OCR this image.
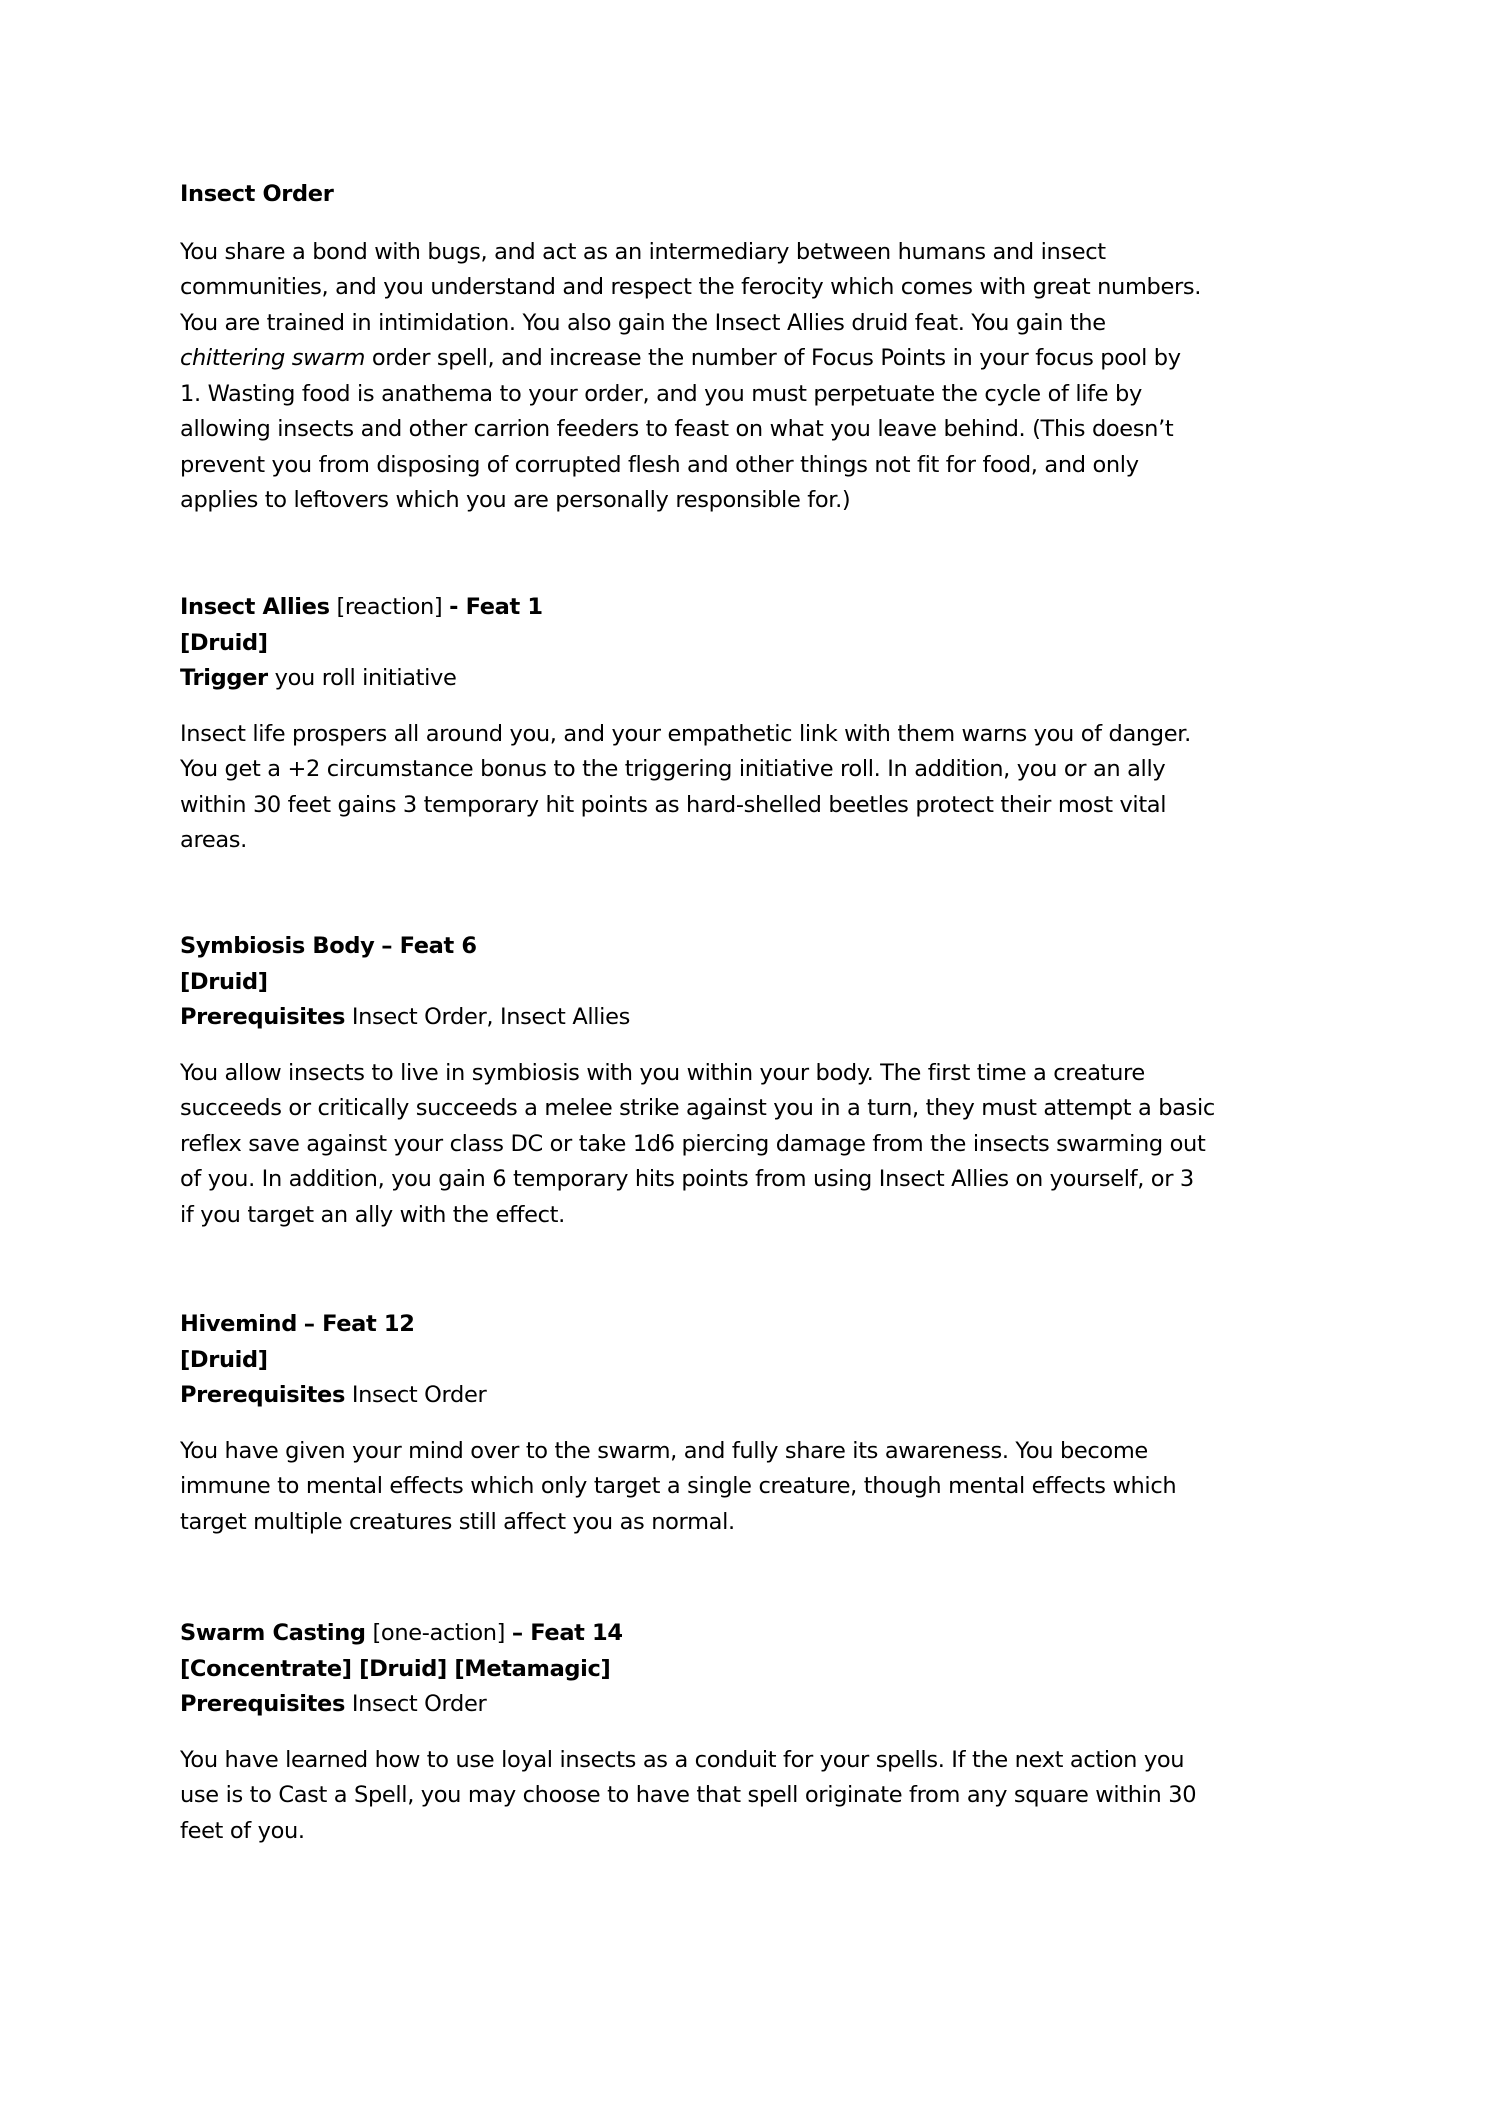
Insect Order
You share a bond with bugs, and act as an intermediary between humans and insect
communities, and you understand and respect the ferocity which comes with great numbers.
You are trained in intimidation. You also gain the Insect Allies druid feat. You gain the
chittering swarm order spell, and increase the number of Focus Points in your focus pool by
1. Wasting food is anathema to your order, and you must perpetuate the cycle of life by
allowing insects and other carrion feeders to feast on what you leave behind. (This doesn’t
prevent you from disposing of corrupted flesh and other things not fit for food, and only
applies to leftovers which you are personally responsible for.)
Insect Allies [reaction] - Feat 1
[Druid]
Trigger you roll initiative
Insect life prospers all around you, and your empathetic link with them warns you of danger.
You get a +2 circumstance bonus to the triggering initiative roll. In addition, you or an ally
within 30 feet gains 3 temporary hit points as hard-shelled beetles protect their most vital
areas.
Symbiosis Body – Feat 6
[Druid]
Prerequisites Insect Order, Insect Allies
You allow insects to live in symbiosis with you within your body. The first time a creature
succeeds or critically succeeds a melee strike against you in a turn, they must attempt a basic
reflex save against your class DC or take 1d6 piercing damage from the insects swarming out
of you. In addition, you gain 6 temporary hits points from using Insect Allies on yourself, or 3
if you target an ally with the effect.
Hivemind – Feat 12
[Druid]
Prerequisites Insect Order
You have given your mind over to the swarm, and fully share its awareness. You become
immune to mental effects which only target a single creature, though mental effects which
target multiple creatures still affect you as normal.
Swarm Casting [one-action] – Feat 14
[Concentrate] [Druid] [Metamagic]
Prerequisites Insect Order
You have learned how to use loyal insects as a conduit for your spells. If the next action you
use is to Cast a Spell, you may choose to have that spell originate from any square within 30
feet of you.
